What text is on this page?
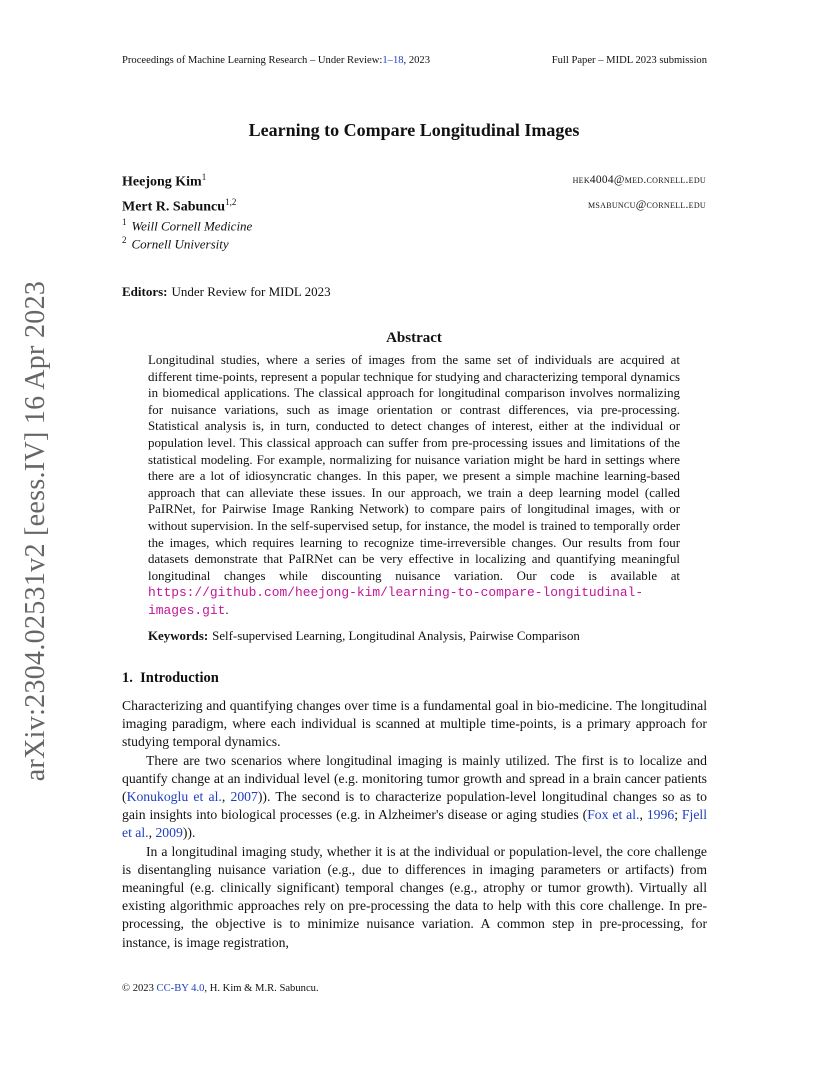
Proceedings of Machine Learning Research – Under Review:1–18, 2023	Full Paper – MIDL 2023 submission
arXiv:2304.02531v2 [eess.IV] 16 Apr 2023
Learning to Compare Longitudinal Images
Heejong Kim$^1$	hek4004@med.cornell.edu
Mert R. Sabuncu$^{1,2}$	msabuncu@cornell.edu
$^1$ Weill Cornell Medicine
$^2$ Cornell University
Editors: Under Review for MIDL 2023
Abstract
Longitudinal studies, where a series of images from the same set of individuals are acquired at different time-points, represent a popular technique for studying and characterizing temporal dynamics in biomedical applications. The classical approach for longitudinal comparison involves normalizing for nuisance variations, such as image orientation or contrast differences, via pre-processing. Statistical analysis is, in turn, conducted to detect changes of interest, either at the individual or population level. This classical approach can suffer from pre-processing issues and limitations of the statistical modeling. For example, normalizing for nuisance variation might be hard in settings where there are a lot of idiosyncratic changes. In this paper, we present a simple machine learning-based approach that can alleviate these issues. In our approach, we train a deep learning model (called PaIRNet, for Pairwise Image Ranking Network) to compare pairs of longitudinal images, with or without supervision. In the self-supervised setup, for instance, the model is trained to temporally order the images, which requires learning to recognize time-irreversible changes. Our results from four datasets demonstrate that PaIRNet can be very effective in localizing and quantifying meaningful longitudinal changes while discounting nuisance variation. Our code is available at https://github.com/heejong-kim/learning-to-compare-longitudinal-images.git.
Keywords: Self-supervised Learning, Longitudinal Analysis, Pairwise Comparison
1. Introduction

Characterizing and quantifying changes over time is a fundamental goal in bio-medicine. The longitudinal imaging paradigm, where each individual is scanned at multiple time-points, is a primary approach for studying temporal dynamics.

There are two scenarios where longitudinal imaging is mainly utilized. The first is to localize and quantify change at an individual level (e.g. monitoring tumor growth and spread in a brain cancer patients (Konukoglu et al., 2007)). The second is to characterize population-level longitudinal changes so as to gain insights into biological processes (e.g. in Alzheimer's disease or aging studies (Fox et al., 1996; Fjell et al., 2009)).

In a longitudinal imaging study, whether it is at the individual or population-level, the core challenge is disentangling nuisance variation (e.g., due to differences in imaging parameters or artifacts) from meaningful (e.g. clinically significant) temporal changes (e.g., atrophy or tumor growth). Virtually all existing algorithmic approaches rely on pre-processing the data to help with this core challenge. In pre-processing, the objective is to minimize nuisance variation. A common step in pre-processing, for instance, is image registration,

© 2023 CC-BY 4.0, H. Kim & M.R. Sabuncu.
